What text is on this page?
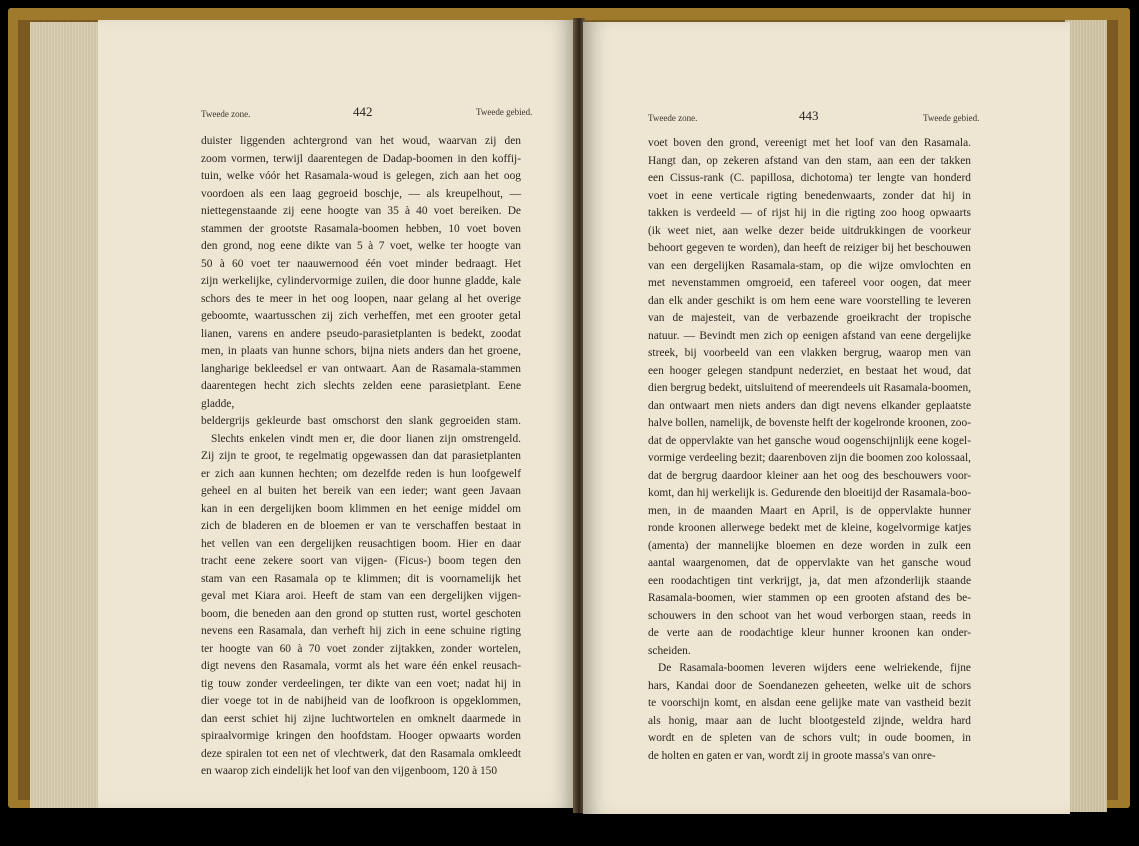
Tweede zone.	442	Tweede gebied.
duister liggenden achtergrond van het woud, waarvan zij den
zoom vormen, terwijl daarentegen de Dadap-boomen in den koffij-
tuin, welke vóór het Rasamala-woud is gelegen, zich aan het oog
voordoen als een laag gegroeid boschje, — als kreupelhout, —
niettegenstaande zij eene hoogte van 35 à 40 voet bereiken. De
stammen der grootste Rasamala-boomen hebben, 10 voet boven
den grond, nog eene dikte van 5 à 7 voet, welke ter hoogte van
50 à 60 voet ter naauwernood één voet minder bedraagt. Het
zijn werkelijke, cylindervormige zuilen, die door hunne gladde, kale
schors des te meer in het oog loopen, naar gelang al het overige
geboomte, waartusschen zij zich verheffen, met een grooter getal
lianen, varens en andere pseudo-parasietplanten is bedekt, zoodat
men, in plaats van hunne schors, bijna niets anders dan het groene,
langharige bekleedsel er van ontwaart. Aan de Rasamala-stammen
daarentegen hecht zich slechts zelden eene parasietplant. Eene gladde,
beldergrijs gekleurde bast omschorst den slank gegroeiden stam.
Slechts enkelen vindt men er, die door lianen zijn omstrengeld.
Zij zijn te groot, te regelmatig opgewassen dan dat parasietplanten
er zich aan kunnen hechten; om dezelfde reden is hun loofgewelf
geheel en al buiten het bereik van een ieder; want geen Javaan
kan in een dergelijken boom klimmen en het eenige middel om
zich de bladeren en de bloemen er van te verschaffen bestaat in
het vellen van een dergelijken reusachtigen boom. Hier en daar
tracht eene zekere soort van vijgen- (Ficus-) boom tegen den
stam van een Rasamala op te klimmen; dit is voornamelijk het
geval met Kiara aroi. Heeft de stam van een dergelijken vijgen-
boom, die beneden aan den grond op stutten rust, wortel geschoten
nevens een Rasamala, dan verheft hij zich in eene schuine rigting
ter hoogte van 60 à 70 voet zonder zijtakken, zonder wortelen,
digt nevens den Rasamala, vormt als het ware één enkel reusach-
tig touw zonder verdeelingen, ter dikte van een voet; nadat hij in
dier voege tot in de nabijheid van de loofkroon is opgeklommen,
dan eerst schiet hij zijne luchtwortelen en omknelt daarmede in
spiraalvormige kringen den hoofdstam. Hooger opwaarts worden
deze spiralen tot een net of vlechtwerk, dat den Rasamala omkleedt
en waarop zich eindelijk het loof van den vijgenboom, 120 à 150
Tweede zone.	443	Tweede gebied.
voet boven den grond, vereenigt met het loof van den Rasamala.
Hangt dan, op zekeren afstand van den stam, aan een der takken
een Cissus-rank (C. papillosa, dichotoma) ter lengte van honderd
voet in eene verticale rigting benedenwaarts, zonder dat hij in
takken is verdeeld — of rijst hij in die rigting zoo hoog opwaarts
(ik weet niet, aan welke dezer beide uitdrukkingen de voorkeur
behoort gegeven te worden), dan heeft de reiziger bij het beschouwen
van een dergelijken Rasamala-stam, op die wijze omvlochten en
met nevenstammen omgroeid, een tafereel voor oogen, dat meer
dan elk ander geschikt is om hem eene ware voorstelling te leveren
van de majesteit, van de verbazende groeikracht der tropische
natuur. — Bevindt men zich op eenigen afstand van eene dergelijke
streek, bij voorbeeld van een vlakken bergrug, waarop men van
een hooger gelegen standpunt nederziet, en bestaat het woud, dat
dien bergrug bedekt, uitsluitend of meerendeels uit Rasamala-boomen,
dan ontwaart men niets anders dan digt nevens elkander geplaatste
halve bollen, namelijk, de bovenste helft der kogelronde kroonen, zoo-
dat de oppervlakte van het gansche woud oogenschijnlijk eene kogel-
vormige verdeeling bezit; daarenboven zijn die boomen zoo kolossaal,
dat de bergrug daardoor kleiner aan het oog des beschouwers voor-
komt, dan hij werkelijk is. Gedurende den bloeitijd der Rasamala-boo-
men, in de maanden Maart en April, is de oppervlakte hunner
ronde kroonen allerwege bedekt met de kleine, kogelvormige katjes
(amenta) der mannelijke bloemen en deze worden in zulk een
aantal waargenomen, dat de oppervlakte van het gansche woud
een roodachtigen tint verkrijgt, ja, dat men afzonderlijk staande
Rasamala-boomen, wier stammen op een grooten afstand des be-
schouwers in den schoot van het woud verborgen staan, reeds in
de verte aan de roodachtige kleur hunner kroonen kan onder-
scheiden.
De Rasamala-boomen leveren wijders eene welriekende, fijne
hars, Kandai door de Soendanezen geheeten, welke uit de schors
te voorschijn komt, en alsdan eene gelijke mate van vastheid bezit
als honig, maar aan de lucht blootgesteld zijnde, weldra hard
wordt en de spleten van de schors vult; in oude boomen, in
de holten en gaten er van, wordt zij in groote massa's van onre-
